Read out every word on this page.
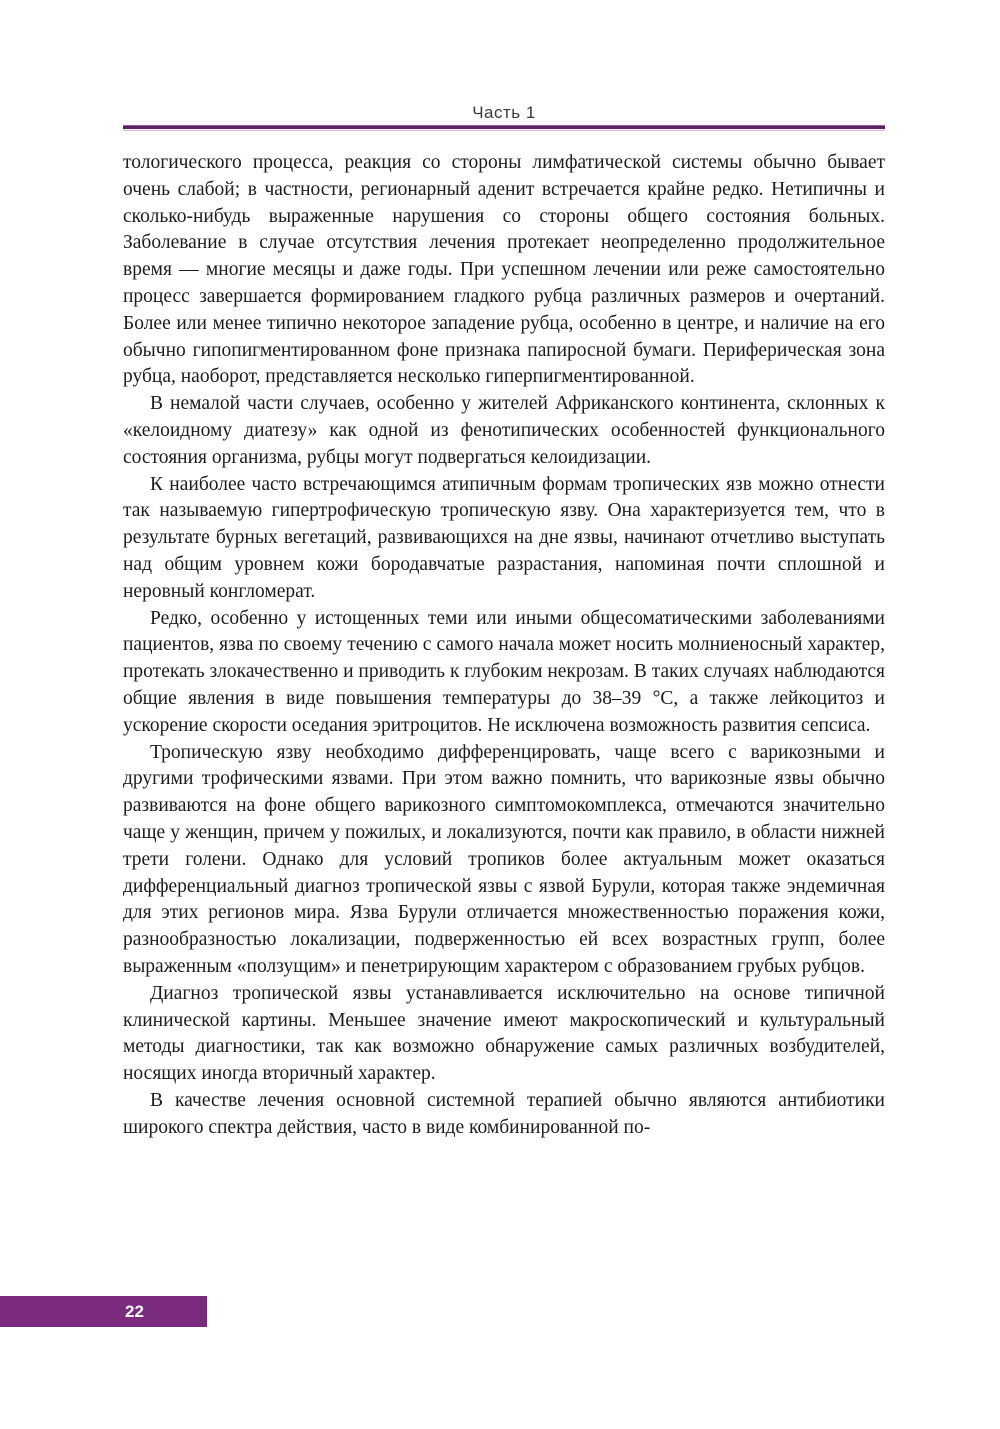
Часть 1

тологического процесса, реакция со стороны лимфатической системы обычно бывает очень слабой; в частности, регионарный аденит встречается крайне редко. Нетипичны и сколько-нибудь выраженные нарушения со стороны общего состояния больных. Заболевание в случае отсутствия лечения протекает неопределенно продолжительное время — многие месяцы и даже годы. При успешном лечении или реже самостоятельно процесс завершается формированием гладкого рубца различных размеров и очертаний. Более или менее типично некоторое западение рубца, особенно в центре, и наличие на его обычно гипопигментированном фоне признака папиросной бумаги. Периферическая зона рубца, наоборот, представляется несколько гиперпигментированной.

В немалой части случаев, особенно у жителей Африканского континента, склонных к «келоидному диатезу» как одной из фенотипических особенностей функционального состояния организма, рубцы могут подвергаться келоидизации.

К наиболее часто встречающимся атипичным формам тропических язв можно отнести так называемую гипертрофическую тропическую язву. Она характеризуется тем, что в результате бурных вегетаций, развивающихся на дне язвы, начинают отчетливо выступать над общим уровнем кожи бородавчатые разрастания, напоминая почти сплошной и неровный конгломерат.

Редко, особенно у истощенных теми или иными общесоматическими заболеваниями пациентов, язва по своему течению с самого начала может носить молниеносный характер, протекать злокачественно и приводить к глубоким некрозам. В таких случаях наблюдаются общие явления в виде повышения температуры до 38–39 °С, а также лейкоцитоз и ускорение скорости оседания эритроцитов. Не исключена возможность развития сепсиса.

Тропическую язву необходимо дифференцировать, чаще всего с варикозными и другими трофическими язвами. При этом важно помнить, что варикозные язвы обычно развиваются на фоне общего варикозного симптомокомплекса, отмечаются значительно чаще у женщин, причем у пожилых, и локализуются, почти как правило, в области нижней трети голени. Однако для условий тропиков более актуальным может оказаться дифференциальный диагноз тропической язвы с язвой Бурули, которая также эндемичная для этих регионов мира. Язва Бурули отличается множественностью поражения кожи, разнообразностью локализации, подверженностью ей всех возрастных групп, более выраженным «ползущим» и пенетрирующим характером с образованием грубых рубцов.

Диагноз тропической язвы устанавливается исключительно на основе типичной клинической картины. Меньшее значение имеют макроскопический и культуральный методы диагностики, так как возможно обнаружение самых различных возбудителей, носящих иногда вторичный характер.

В качестве лечения основной системной терапией обычно являются антибиотики широкого спектра действия, часто в виде комбинированной по-

22
